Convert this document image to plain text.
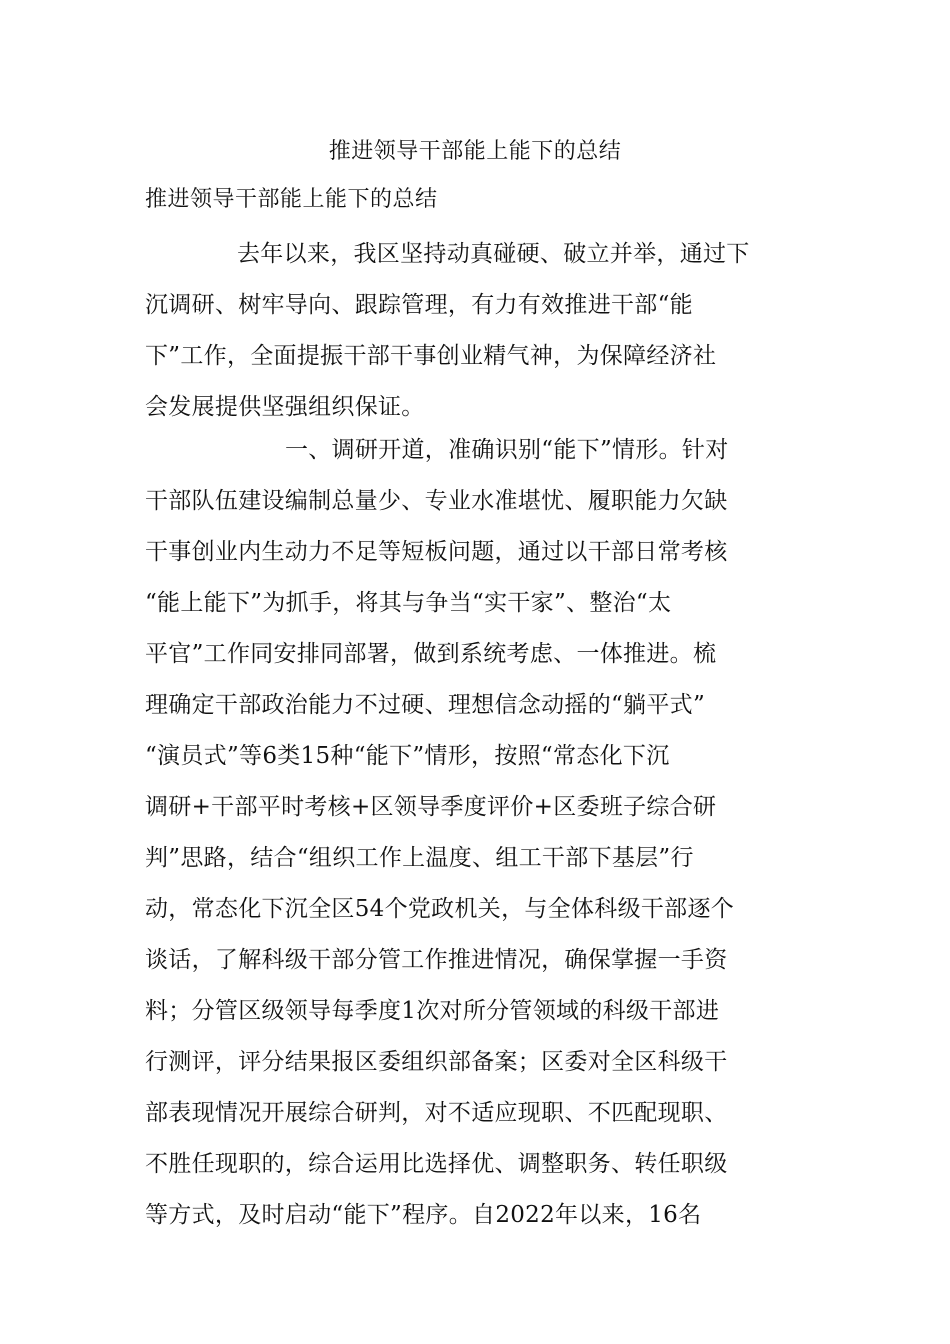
推进领导干部能上能下的总结
推进领导干部能上能下的总结
去年以来，我区坚持动真碰硬、破立并举，通过下
沉调研、树牢导向、跟踪管理，有力有效推进干部“能
下”工作，全面提振干部干事创业精气神，为保障经济社
会发展提供坚强组织保证。
一、调研开道，准确识别“能下”情形。针对
干部队伍建设编制总量少、专业水准堪忧、履职能力欠缺
干事创业内生动力不足等短板问题，通过以干部日常考核
“能上能下”为抓手，将其与争当“实干家”、整治“太
平官”工作同安排同部署，做到系统考虑、一体推进。梳
理确定干部政治能力不过硬、理想信念动摇的“躺平式”
“演员式”等6类15种“能下”情形，按照“常态化下沉
调研+干部平时考核+区领导季度评价+区委班子综合研
判”思路，结合“组织工作上温度、组工干部下基层”行
动，常态化下沉全区54个党政机关，与全体科级干部逐个
谈话，了解科级干部分管工作推进情况，确保掌握一手资
料；分管区级领导每季度1次对所分管领域的科级干部进
行测评，评分结果报区委组织部备案；区委对全区科级干
部表现情况开展综合研判，对不适应现职、不匹配现职、
不胜任现职的，综合运用比选择优、调整职务、转任职级
等方式，及时启动“能下”程序。自2022年以来，16名
